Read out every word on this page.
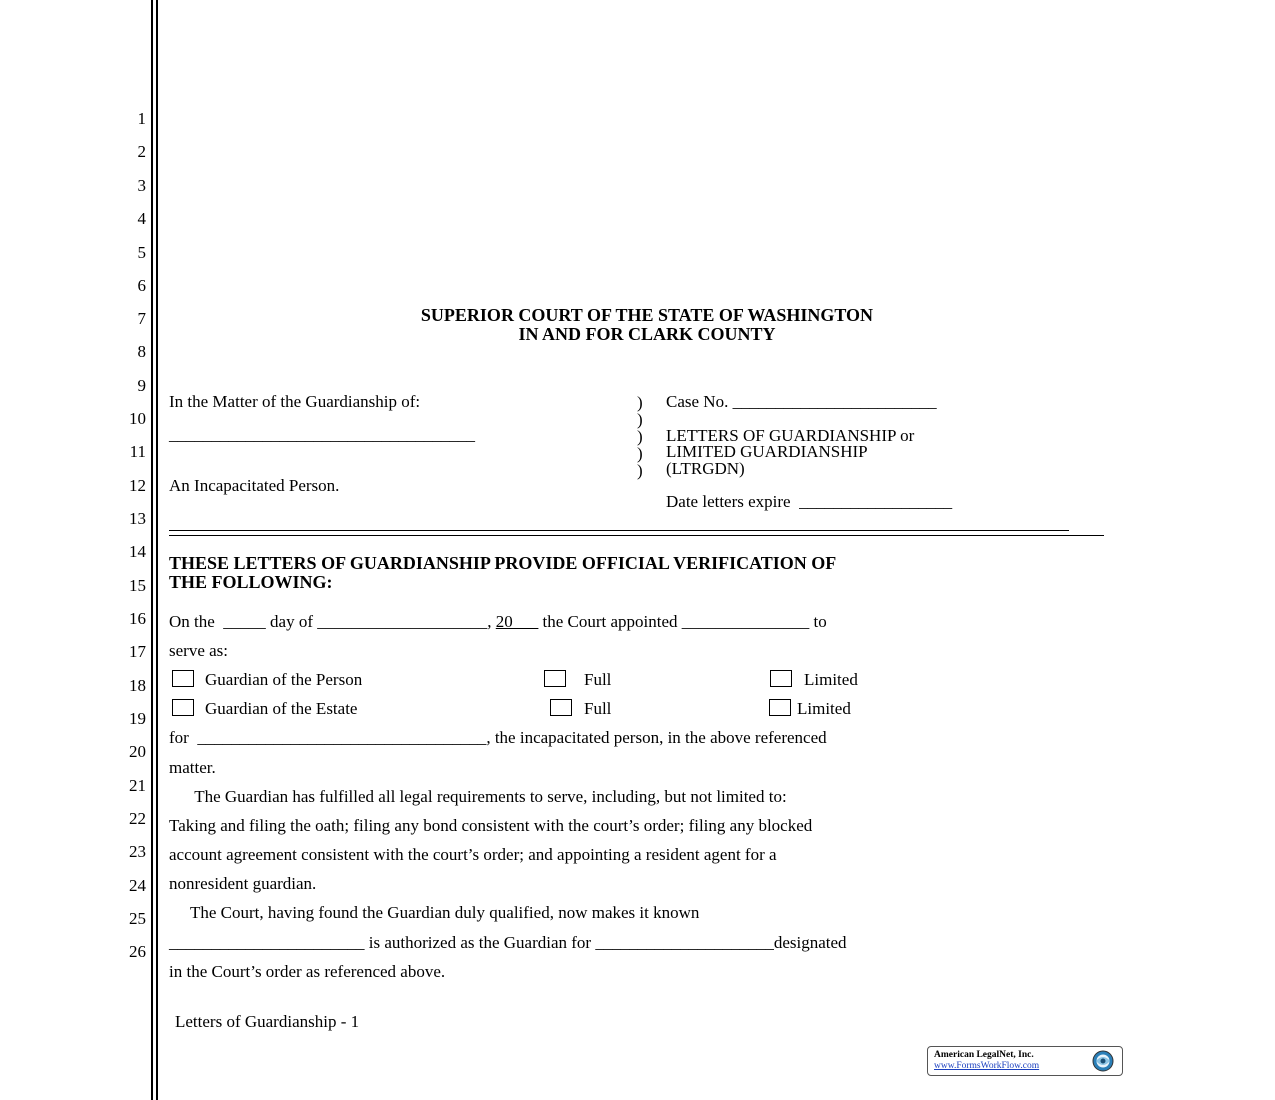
1
2
3
4
5
6
7
8
9
10
11
12
13
14
15
16
17
18
19
20
21
22
23
24
25
26
SUPERIOR COURT OF THE STATE OF WASHINGTON
IN AND FOR CLARK COUNTY
In the Matter of the Guardianship of:
____________________________________
An Incapacitated Person.
)
)
)
)
)
Case No. ________________________
LETTERS OF GUARDIANSHIP or
LIMITED GUARDIANSHIP
(LTRGDN)
Date letters expire  __________________
THESE LETTERS OF GUARDIANSHIP PROVIDE OFFICIAL VERIFICATION OF
THE FOLLOWING:
On the  _____ day of ____________________, 20___ the Court appointed _______________ to
serve as:
Guardian of the Person	Full	Limited
Guardian of the Estate	Full	Limited
for  __________________________________, the incapacitated person, in the above referenced
matter.
The Guardian has fulfilled all legal requirements to serve, including, but not limited to:
Taking and filing the oath; filing any bond consistent with the court’s order; filing any blocked
account agreement consistent with the court’s order; and appointing a resident agent for a
nonresident guardian.
The Court, having found the Guardian duly qualified, now makes it known
_______________________ is authorized as the Guardian for _____________________designated
in the Court’s order as referenced above.
Letters of Guardianship - 1
American LegalNet, Inc.
www.FormsWorkFlow.com
